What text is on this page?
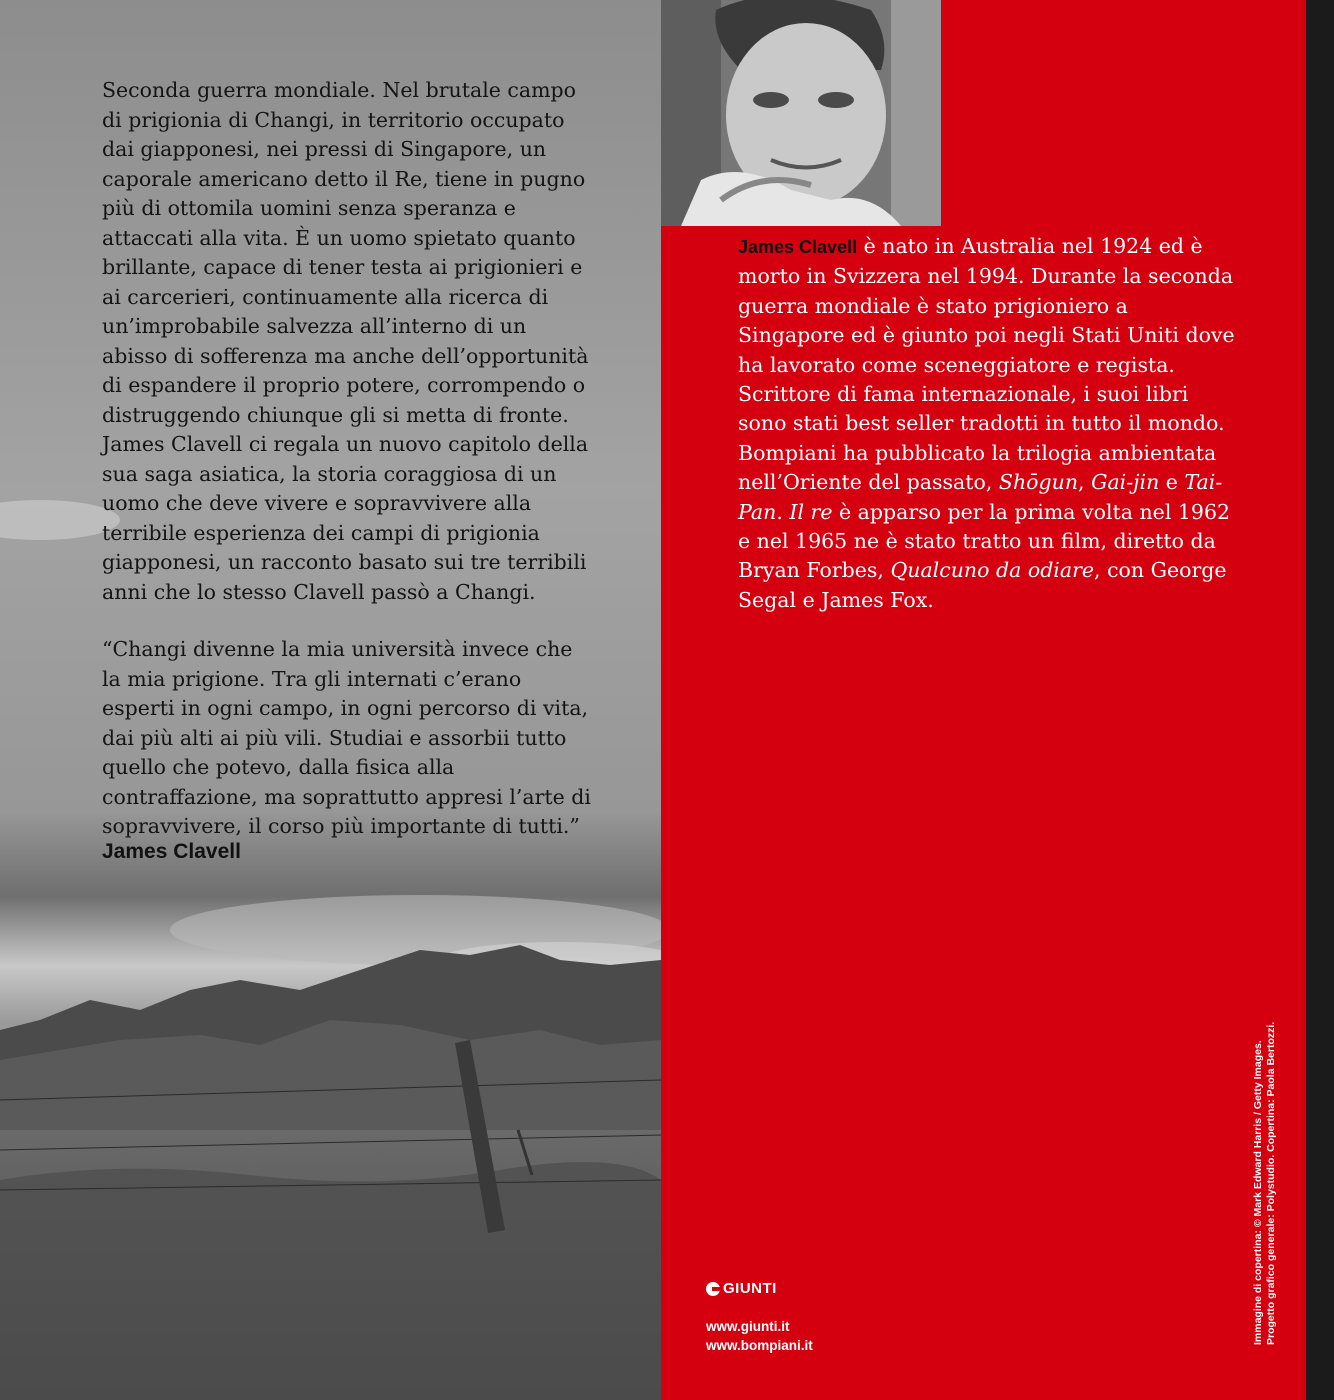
Seconda guerra mondiale. Nel brutale campo di prigionia di Changi, in territorio occupato dai giapponesi, nei pressi di Singapore, un caporale americano detto il Re, tiene in pugno più di ottomila uomini senza speranza e attaccati alla vita. È un uomo spietato quanto brillante, capace di tener testa ai prigionieri e ai carcerieri, continuamente alla ricerca di un’improbabile salvezza all’interno di un abisso di sofferenza ma anche dell’opportunità di espandere il proprio potere, corrompendo o distruggendo chiunque gli si metta di fronte. James Clavell ci regala un nuovo capitolo della sua saga asiatica, la storia coraggiosa di un uomo che deve vivere e sopravvivere alla terribile esperienza dei campi di prigionia giapponesi, un racconto basato sui tre terribili anni che lo stesso Clavell passò a Changi.

“Changi divenne la mia università invece che la mia prigione. Tra gli internati c’erano esperti in ogni campo, in ogni percorso di vita, dai più alti ai più vili. Studiai e assorbii tutto quello che potevo, dalla fisica alla contraffazione, ma soprattutto appresi l’arte di sopravvivere, il corso più importante di tutti.”

James Clavell

James Clavell è nato in Australia nel 1924 ed è morto in Svizzera nel 1994. Durante la seconda guerra mondiale è stato prigioniero a Singapore ed è giunto poi negli Stati Uniti dove ha lavorato come sceneggiatore e regista. Scrittore di fama internazionale, i suoi libri sono stati best seller tradotti in tutto il mondo. Bompiani ha pubblicato la trilogia ambientata nell’Oriente del passato, Shōgun, Gai-jin e Tai-Pan. Il re è apparso per la prima volta nel 1962 e nel 1965 ne è stato tratto un film, diretto da Bryan Forbes, Qualcuno da odiare, con George Segal e James Fox.

Immagine di copertina: © Mark Edward Harris / Getty Images. Progetto grafico generale: Polystudio. Copertina: Paola Bertozzi.
GIUNTI
www.giunti.it
www.bompiani.it
